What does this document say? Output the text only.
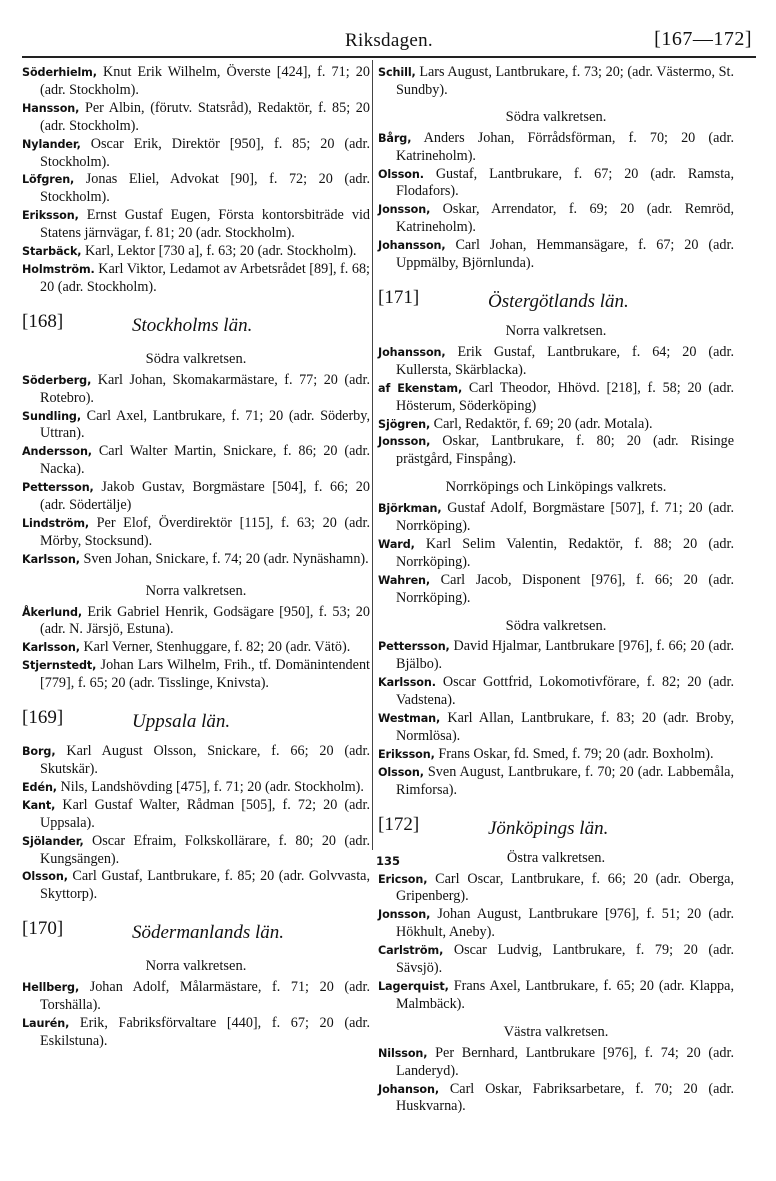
Riksdagen.	[167—172]

Söderhielm, Knut Erik Wilhelm, Överste [424], f. 71; 20 (adr. Stockholm).

Hansson, Per Albin, (förutv. Statsråd), Redaktör, f. 85; 20 (adr. Stockholm).

Nylander, Oscar Erik, Direktör [950], f. 85; 20 (adr. Stockholm).

Löfgren, Jonas Eliel, Advokat [90], f. 72; 20 (adr. Stockholm).

Eriksson, Ernst Gustaf Eugen, Första kontorsbiträde vid Statens järnvägar, f. 81; 20 (adr. Stockholm).

Starbäck, Karl, Lektor [730 a], f. 63; 20 (adr. Stockholm).

Holmström. Karl Viktor, Ledamot av Arbetsrådet [89], f. 68; 20 (adr. Stockholm).

[168]	Stockholms län.
Södra valkretsen.

Söderberg, Karl Johan, Skomakarmästare, f. 77; 20 (adr. Rotebro).

Sundling, Carl Axel, Lantbrukare, f. 71; 20 (adr. Söderby, Uttran).

Andersson, Carl Walter Martin, Snickare, f. 86; 20 (adr. Nacka).

Pettersson, Jakob Gustav, Borgmästare [504], f. 66; 20 (adr. Södertälje)

Lindström, Per Elof, Överdirektör [115], f. 63; 20 (adr. Mörby, Stocksund).

Karlsson, Sven Johan, Snickare, f. 74; 20 (adr. Nynäshamn).

Norra valkretsen.

Åkerlund, Erik Gabriel Henrik, Godsägare [950], f. 53; 20 (adr. N. Järsjö, Estuna).

Karlsson, Karl Verner, Stenhuggare, f. 82; 20 (adr. Vätö).

Stjernstedt, Johan Lars Wilhelm, Frih., tf. Domänintendent [779], f. 65; 20 (adr. Tisslinge, Knivsta).

[169]	Uppsala län.

Borg, Karl August Olsson, Snickare, f. 66; 20 (adr. Skutskär).

Edén, Nils, Landshövding [475], f. 71; 20 (adr. Stockholm).

Kant, Karl Gustaf Walter, Rådman [505], f. 72; 20 (adr. Uppsala).

Sjölander, Oscar Efraim, Folkskollärare, f. 80; 20 (adr. Kungsängen).

Olsson, Carl Gustaf, Lantbrukare, f. 85; 20 (adr. Golvvasta, Skyttorp).

[170]	Södermanlands län.
Norra valkretsen.

Hellberg, Johan Adolf, Målarmästare, f. 71; 20 (adr. Torshälla).

Laurén, Erik, Fabriksförvaltare [440], f. 67; 20 (adr. Eskilstuna).

Schill, Lars August, Lantbrukare, f. 73; 20; (adr. Västermo, St. Sundby).

Södra valkretsen.

Bårg, Anders Johan, Förrådsförman, f. 70; 20 (adr. Katrineholm).

Olsson. Gustaf, Lantbrukare, f. 67; 20 (adr. Ramsta, Flodafors).

Jonsson, Oskar, Arrendator, f. 69; 20 (adr. Remröd, Katrineholm).

Johansson, Carl Johan, Hemmansägare, f. 67; 20 (adr. Uppmälby, Björnlunda).

[171]	Östergötlands län.
Norra valkretsen.

Johansson, Erik Gustaf, Lantbrukare, f. 64; 20 (adr. Kullersta, Skärblacka).

af Ekenstam, Carl Theodor, Hhövd. [218], f. 58; 20 (adr. Hösterum, Söderköping)

Sjögren, Carl, Redaktör, f. 69; 20 (adr. Motala).

Jonsson, Oskar, Lantbrukare, f. 80; 20 (adr. Risinge prästgård, Finspång).

Norrköpings och Linköpings valkrets.

Björkman, Gustaf Adolf, Borgmästare [507], f. 71; 20 (adr. Norrköping).

Ward, Karl Selim Valentin, Redaktör, f. 88; 20 (adr. Norrköping).

Wahren, Carl Jacob, Disponent [976], f. 66; 20 (adr. Norrköping).

Södra valkretsen.

Pettersson, David Hjalmar, Lantbrukare [976], f. 66; 20 (adr. Bjälbo).

Karlsson. Oscar Gottfrid, Lokomotivförare, f. 82; 20 (adr. Vadstena).

Westman, Karl Allan, Lantbrukare, f. 83; 20 (adr. Broby, Normlösa).

Eriksson, Frans Oskar, fd. Smed, f. 79; 20 (adr. Boxholm).

Olsson, Sven August, Lantbrukare, f. 70; 20 (adr. Labbemåla, Rimforsa).

[172]	Jönköpings län.
Östra valkretsen.

Ericson, Carl Oscar, Lantbrukare, f. 66; 20 (adr. Oberga, Gripenberg).

Jonsson, Johan August, Lantbrukare [976], f. 51; 20 (adr. Hökhult, Aneby).

Carlström, Oscar Ludvig, Lantbrukare, f. 79; 20 (adr. Sävsjö).

Lagerquist, Frans Axel, Lantbrukare, f. 65; 20 (adr. Klappa, Malmbäck).

Västra valkretsen.

Nilsson, Per Bernhard, Lantbrukare [976], f. 74; 20 (adr. Landeryd).

Johanson, Carl Oskar, Fabriksarbetare, f. 70; 20 (adr. Huskvarna).

135
